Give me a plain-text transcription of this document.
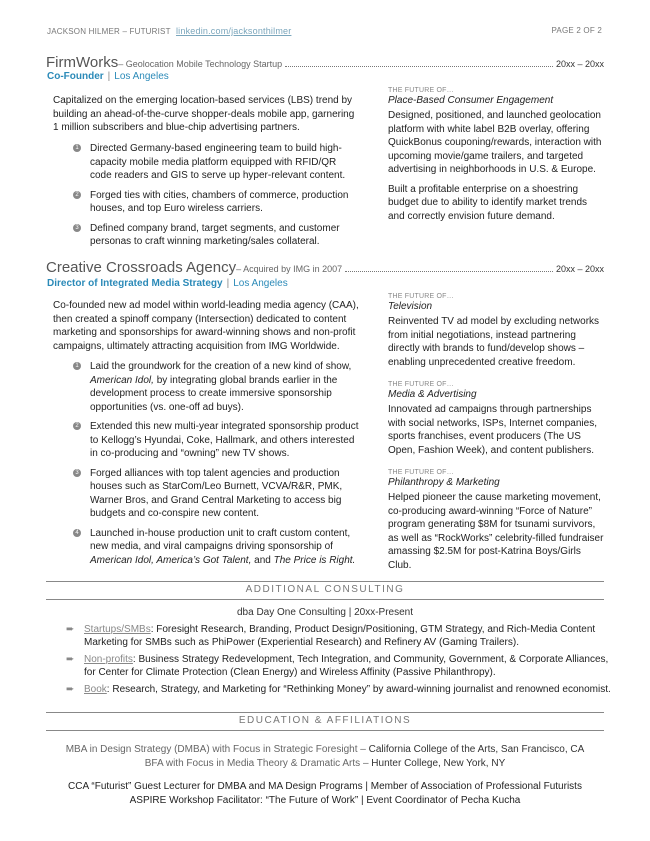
JACKSON HILMER – FUTURIST linkedin.com/jacksonthilmer	PAGE 2 OF 2
FirmWorks – Geolocation Mobile Technology Startup	20xx – 20xx
Co-Founder | Los Angeles
Capitalized on the emerging location-based services (LBS) trend by building an ahead-of-the-curve shopper-deals mobile app, garnering 1 million subscribers and blue-chip advertising partners.
1 Directed Germany-based engineering team to build high-capacity mobile media platform equipped with RFID/QR code readers and GIS to serve up hyper-relevant content.
2 Forged ties with cities, chambers of commerce, production houses, and top Euro wireless carriers.
3 Defined company brand, target segments, and customer personas to craft winning marketing/sales collateral.
THE FUTURE OF…
Place-Based Consumer Engagement
Designed, positioned, and launched geolocation platform with white label B2B overlay, offering QuickBonus couponing/rewards, interaction with upcoming movie/game trailers, and targeted advertising in neighborhoods in U.S. & Europe.
Built a profitable enterprise on a shoestring budget due to ability to identify market trends and correctly envision future demand.
Creative Crossroads Agency – Acquired by IMG in 2007	20xx – 20xx
Director of Integrated Media Strategy | Los Angeles
Co-founded new ad model within world-leading media agency (CAA), then created a spinoff company (Intersection) dedicated to content marketing and sponsorships for award-winning shows and non-profit campaigns, ultimately attracting acquisition from IMG Worldwide.
1 Laid the groundwork for the creation of a new kind of show, American Idol, by integrating global brands earlier in the development process to create immersive sponsorship opportunities (vs. one-off ad buys).
2 Extended this new multi-year integrated sponsorship product to Kellogg’s Hyundai, Coke, Hallmark, and others interested in co-producing and “owning” new TV shows.
3 Forged alliances with top talent agencies and production houses such as StarCom/Leo Burnett, VCVA/R&R, PMK, Warner Bros, and Grand Central Marketing to access big budgets and co-conspire new content.
4 Launched in-house production unit to craft custom content, new media, and viral campaigns driving sponsorship of American Idol, America’s Got Talent, and The Price is Right.
THE FUTURE OF…
Television
Reinvented TV ad model by excluding networks from initial negotiations, instead partnering directly with brands to fund/develop shows – enabling unprecedented creative freedom.
THE FUTURE OF…
Media & Advertising
Innovated ad campaigns through partnerships with social networks, ISPs, Internet companies, sports franchises, event producers (The US Open, Fashion Week), and content publishers.
THE FUTURE OF…
Philanthropy & Marketing
Helped pioneer the cause marketing movement, co-producing award-winning “Force of Nature” program generating $8M for tsunami survivors, as well as “RockWorks” celebrity-filled fundraiser amassing $2.5M for post-Katrina Boys/Girls Club.
ADDITIONAL CONSULTING
dba Day One Consulting | 20xx-Present
➨ Startups/SMBs: Foresight Research, Branding, Product Design/Positioning, GTM Strategy, and Rich-Media Content Marketing for SMBs such as PhiPower (Experiential Research) and Refinery AV (Gaming Trailers).
➨ Non-profits: Business Strategy Redevelopment, Tech Integration, and Community, Government, & Corporate Alliances, for Center for Climate Protection (Clean Energy) and Wireless Affinity (Passive Philanthropy).
➨ Book: Research, Strategy, and Marketing for “Rethinking Money” by award-winning journalist and renowned economist.
EDUCATION & AFFILIATIONS
MBA in Design Strategy (DMBA) with Focus in Strategic Foresight – California College of the Arts, San Francisco, CA
BFA with Focus in Media Theory & Dramatic Arts – Hunter College, New York, NY
CCA “Futurist” Guest Lecturer for DMBA and MA Design Programs | Member of Association of Professional Futurists
ASPIRE Workshop Facilitator: “The Future of Work” | Event Coordinator of Pecha Kucha
